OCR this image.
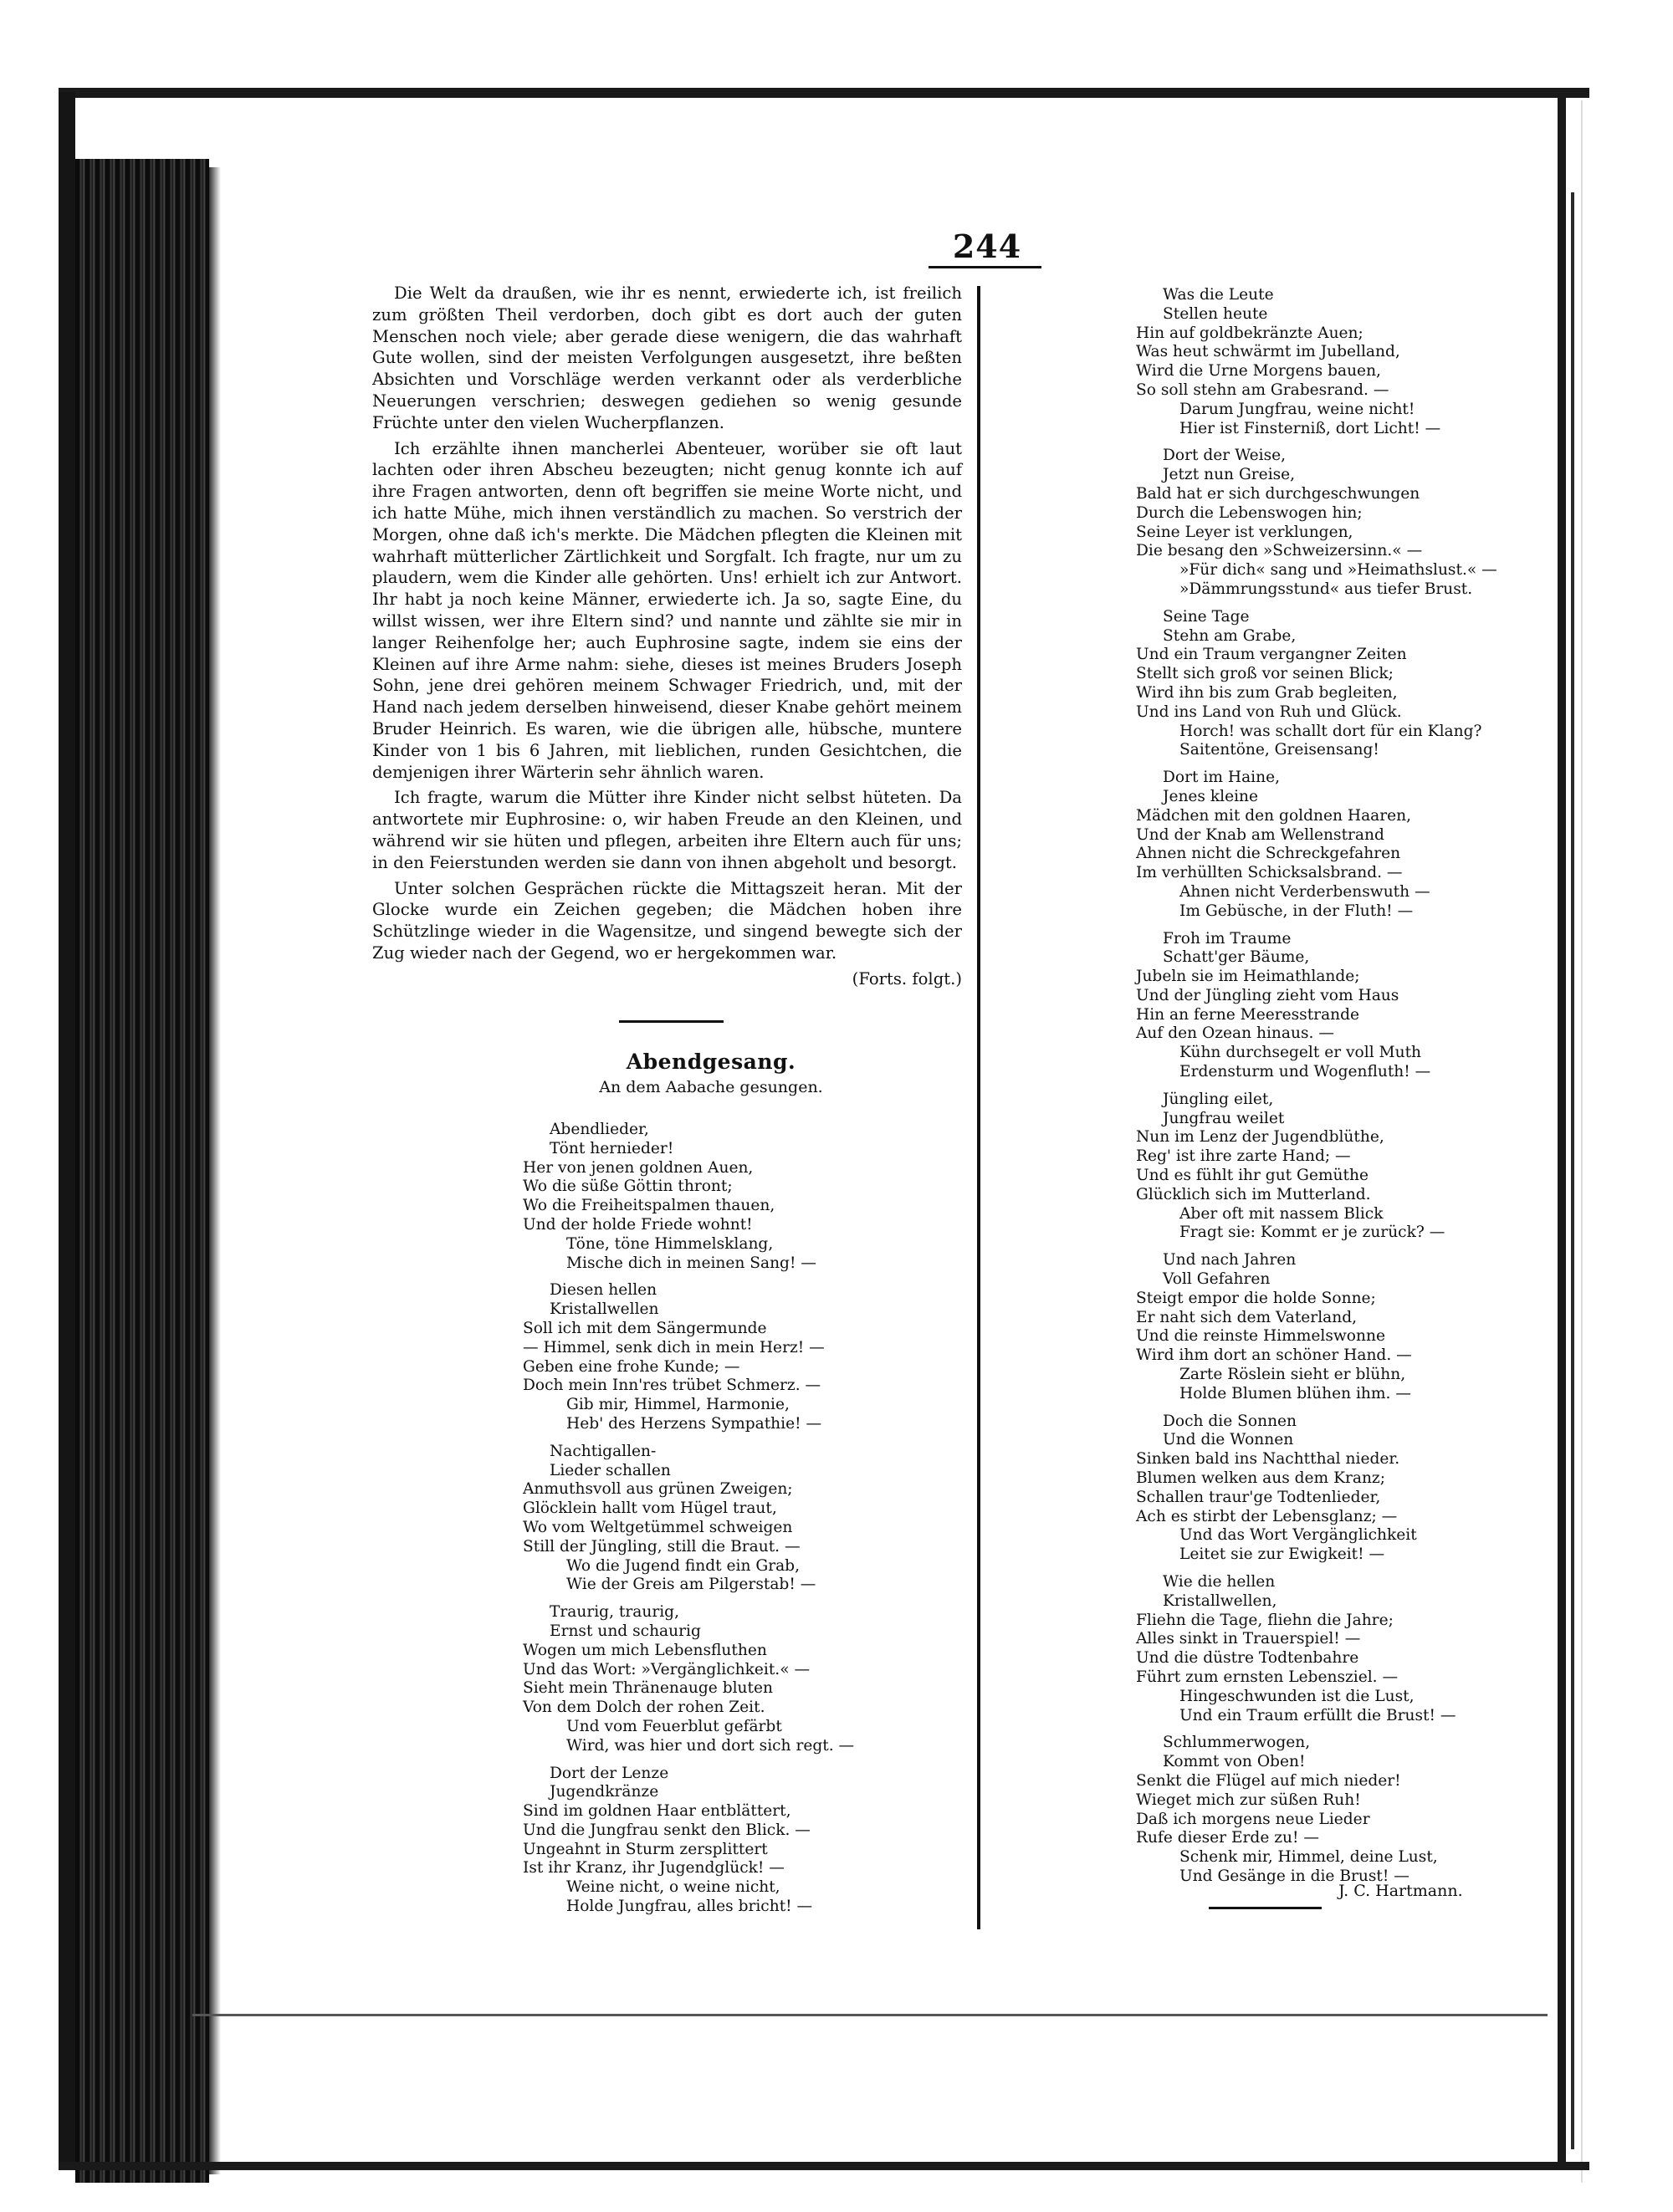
244

Die Welt da draußen, wie ihr es nennt, erwiederte ich, ist freilich zum größten Theil verdorben, doch gibt es dort auch der guten Menschen noch viele; aber gerade diese wenigern, die das wahrhaft Gute wollen, sind der meisten Verfolgungen ausgesetzt, ihre beßten Absichten und Vorschläge werden verkannt oder als verderbliche Neuerungen verschrien; deswegen gediehen so wenig gesunde Früchte unter den vielen Wucherpflanzen.

Ich erzählte ihnen mancherlei Abenteuer, worüber sie oft laut lachten oder ihren Abscheu bezeugten; nicht genug konnte ich auf ihre Fragen antworten, denn oft begriffen sie meine Worte nicht, und ich hatte Mühe, mich ihnen verständlich zu machen. So verstrich der Morgen, ohne daß ich's merkte. Die Mädchen pflegten die Kleinen mit wahrhaft mütterlicher Zärtlichkeit und Sorgfalt. Ich fragte, nur um zu plaudern, wem die Kinder alle gehörten. Uns! erhielt ich zur Antwort. Ihr habt ja noch keine Männer, erwiederte ich. Ja so, sagte Eine, du willst wissen, wer ihre Eltern sind? und nannte und zählte sie mir in langer Reihenfolge her; auch Euphrosine sagte, indem sie eins der Kleinen auf ihre Arme nahm: siehe, dieses ist meines Bruders Joseph Sohn, jene drei gehören meinem Schwager Friedrich, und, mit der Hand nach jedem derselben hinweisend, dieser Knabe gehört meinem Bruder Heinrich. Es waren, wie die übrigen alle, hübsche, muntere Kinder von 1 bis 6 Jahren, mit lieblichen, runden Gesichtchen, die demjenigen ihrer Wärterin sehr ähnlich waren.

Ich fragte, warum die Mütter ihre Kinder nicht selbst hüteten. Da antwortete mir Euphrosine: o, wir haben Freude an den Kleinen, und während wir sie hüten und pflegen, arbeiten ihre Eltern auch für uns; in den Feierstunden werden sie dann von ihnen abgeholt und besorgt.

Unter solchen Gesprächen rückte die Mittagszeit heran. Mit der Glocke wurde ein Zeichen gegeben; die Mädchen hoben ihre Schützlinge wieder in die Wagensitze, und singend bewegte sich der Zug wieder nach der Gegend, wo er hergekommen war.

(Forts. folgt.)
Abendgesang.
An dem Aabache gesungen.
Abendlieder,
Tönt hernieder!
Her von jenen goldnen Auen,
Wo die süße Göttin thront;
Wo die Freiheitspalmen thauen,
Und der holde Friede wohnt!
Töne, töne Himmelsklang,
Mische dich in meinen Sang! —
Diesen hellen
Kristallwellen
Soll ich mit dem Sängermunde
— Himmel, senk dich in mein Herz! —
Geben eine frohe Kunde; —
Doch mein Inn'res trübet Schmerz. —
Gib mir, Himmel, Harmonie,
Heb' des Herzens Sympathie! —
Nachtigallen-
Lieder schallen
Anmuthsvoll aus grünen Zweigen;
Glöcklein hallt vom Hügel traut,
Wo vom Weltgetümmel schweigen
Still der Jüngling, still die Braut. —
Wo die Jugend findt ein Grab,
Wie der Greis am Pilgerstab! —
Traurig, traurig,
Ernst und schaurig
Wogen um mich Lebensfluthen
Und das Wort: »Vergänglichkeit.« —
Sieht mein Thränenauge bluten
Von dem Dolch der rohen Zeit.
Und vom Feuerblut gefärbt
Wird, was hier und dort sich regt. —
Dort der Lenze
Jugendkränze
Sind im goldnen Haar entblättert,
Und die Jungfrau senkt den Blick. —
Ungeahnt in Sturm zersplittert
Ist ihr Kranz, ihr Jugendglück! —
Weine nicht, o weine nicht,
Holde Jungfrau, alles bricht! —
Was die Leute
Stellen heute
Hin auf goldbekränzte Auen;
Was heut schwärmt im Jubelland,
Wird die Urne Morgens bauen,
So soll stehn am Grabesrand. —
Darum Jungfrau, weine nicht!
Hier ist Finsterniß, dort Licht! —
Dort der Weise,
Jetzt nun Greise,
Bald hat er sich durchgeschwungen
Durch die Lebenswogen hin;
Seine Leyer ist verklungen,
Die besang den »Schweizersinn.« —
»Für dich« sang und »Heimathslust.« —
»Dämmrungsstund« aus tiefer Brust.
Seine Tage
Stehn am Grabe,
Und ein Traum vergangner Zeiten
Stellt sich groß vor seinen Blick;
Wird ihn bis zum Grab begleiten,
Und ins Land von Ruh und Glück.
Horch! was schallt dort für ein Klang?
Saitentöne, Greisensang!
Dort im Haine,
Jenes kleine
Mädchen mit den goldnen Haaren,
Und der Knab am Wellenstrand
Ahnen nicht die Schreckgefahren
Im verhüllten Schicksalsbrand. —
Ahnen nicht Verderbenswuth —
Im Gebüsche, in der Fluth! —
Froh im Traume
Schatt'ger Bäume,
Jubeln sie im Heimathlande;
Und der Jüngling zieht vom Haus
Hin an ferne Meeresstrande
Auf den Ozean hinaus. —
Kühn durchsegelt er voll Muth
Erdensturm und Wogenfluth! —
Jüngling eilet,
Jungfrau weilet
Nun im Lenz der Jugendblüthe,
Reg' ist ihre zarte Hand; —
Und es fühlt ihr gut Gemüthe
Glücklich sich im Mutterland.
Aber oft mit nassem Blick
Fragt sie: Kommt er je zurück? —
Und nach Jahren
Voll Gefahren
Steigt empor die holde Sonne;
Er naht sich dem Vaterland,
Und die reinste Himmelswonne
Wird ihm dort an schöner Hand. —
Zarte Röslein sieht er blühn,
Holde Blumen blühen ihm. —
Doch die Sonnen
Und die Wonnen
Sinken bald ins Nachtthal nieder.
Blumen welken aus dem Kranz;
Schallen traur'ge Todtenlieder,
Ach es stirbt der Lebensglanz; —
Und das Wort Vergänglichkeit
Leitet sie zur Ewigkeit! —
Wie die hellen
Kristallwellen,
Fliehn die Tage, fliehn die Jahre;
Alles sinkt in Trauerspiel! —
Und die düstre Todtenbahre
Führt zum ernsten Lebensziel. —
Hingeschwunden ist die Lust,
Und ein Traum erfüllt die Brust! —
Schlummerwogen,
Kommt von Oben!
Senkt die Flügel auf mich nieder!
Wieget mich zur süßen Ruh!
Daß ich morgens neue Lieder
Rufe dieser Erde zu! —
Schenk mir, Himmel, deine Lust,
Und Gesänge in die Brust! —
J. C. Hartmann.
